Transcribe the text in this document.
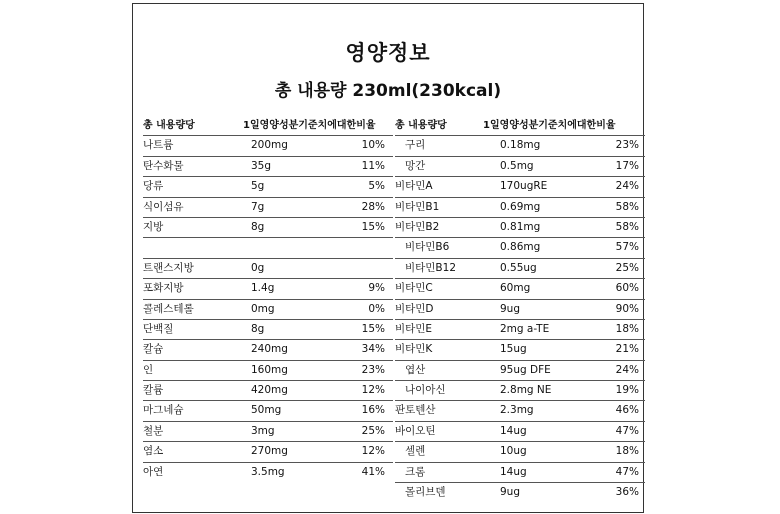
영양정보
총 내용량 230ml(230kcal)
총 내용량당	1일영양성분기준치에대한비율
나트륨	200mg	10%
탄수화물	35g	11%
당류	5g	5%
식이섬유	7g	28%
지방	8g	15%
트랜스지방	0g
포화지방	1.4g	9%
콜레스테롤	0mg	0%
단백질	8g	15%
칼슘	240mg	34%
인	160mg	23%
칼륨	420mg	12%
마그네슘	50mg	16%
철분	3mg	25%
염소	270mg	12%
아연	3.5mg	41%
총 내용량당	1일영양성분기준치에대한비율
구리	0.18mg	23%
망간	0.5mg	17%
비타민A	170ugRE	24%
비타민B1	0.69mg	58%
비타민B2	0.81mg	58%
비타민B6	0.86mg	57%
비타민B12	0.55ug	25%
비타민C	60mg	60%
비타민D	9ug	90%
비타민E	2mg a-TE	18%
비타민K	15ug	21%
엽산	95ug DFE	24%
나이아신	2.8mg NE	19%
판토텐산	2.3mg	46%
바이오틴	14ug	47%
셀렌	10ug	18%
크롬	14ug	47%
몰리브덴	9ug	36%
